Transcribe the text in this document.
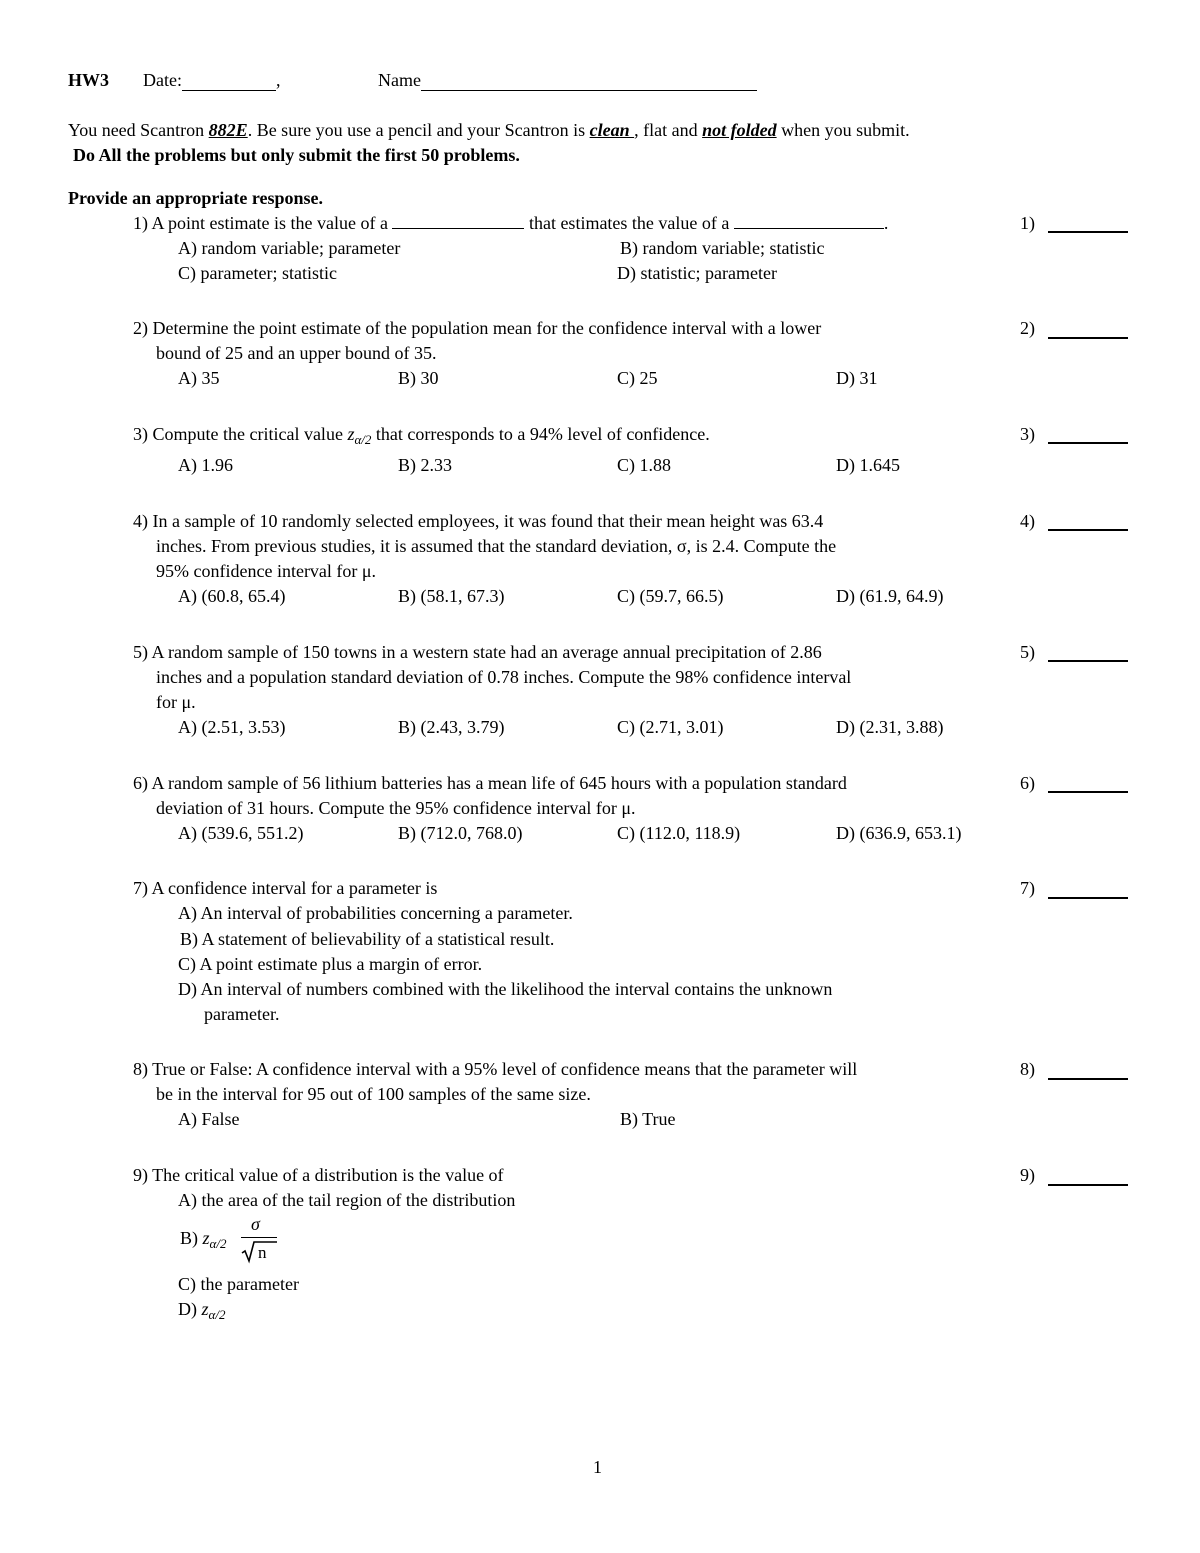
HW3 Date:	,	Name
You need Scantron 882E. Be sure you use a pencil and your Scantron is clean , flat and not folded when you submit.
Do All the problems but only submit the first 50 problems.
Provide an appropriate response.
1) A point estimate is the value of a	that estimates the value of a	.	1)
A) random variable; parameter	B) random variable; statistic
C) parameter; statistic	D) statistic; parameter
2) Determine the point estimate of the population mean for the confidence interval with a lower
bound of 25 and an upper bound of 35.
2)
A) 35	B) 30	C) 25	D) 31
3) Compute the critical value $z_{\alpha/2}$ that corresponds to a 94% level of confidence.	3)
A) 1.96	B) 2.33	C) 1.88	D) 1.645
4) In a sample of 10 randomly selected employees, it was found that their mean height was 63.4
inches. From previous studies, it is assumed that the standard deviation, σ, is 2.4. Compute the
95% confidence interval for μ.
4)
A) (60.8, 65.4)	B) (58.1, 67.3)	C) (59.7, 66.5)	D) (61.9, 64.9)
5) A random sample of 150 towns in a western state had an average annual precipitation of 2.86
inches and a population standard deviation of 0.78 inches. Compute the 98% confidence interval
for μ.
5)
A) (2.51, 3.53)	B) (2.43, 3.79)	C) (2.71, 3.01)	D) (2.31, 3.88)
6) A random sample of 56 lithium batteries has a mean life of 645 hours with a population standard
deviation of 31 hours. Compute the 95% confidence interval for μ.
6)
A) (539.6, 551.2)	B) (712.0, 768.0)	C) (112.0, 118.9)	D) (636.9, 653.1)
7) A confidence interval for a parameter is	7)
A) An interval of probabilities concerning a parameter.
B) A statement of believability of a statistical result.
C) A point estimate plus a margin of error.
D) An interval of numbers combined with the likelihood the interval contains the unknown
parameter.
8) True or False: A confidence interval with a 95% level of confidence means that the parameter will
be in the interval for 95 out of 100 samples of the same size.
8)
A) False	B) True
9) The critical value of a distribution is the value of	9)
A) the area of the tail region of the distribution
B) $z_{\alpha/2}$
σ
n
C) the parameter
D) $z_{\alpha/2}$
1
